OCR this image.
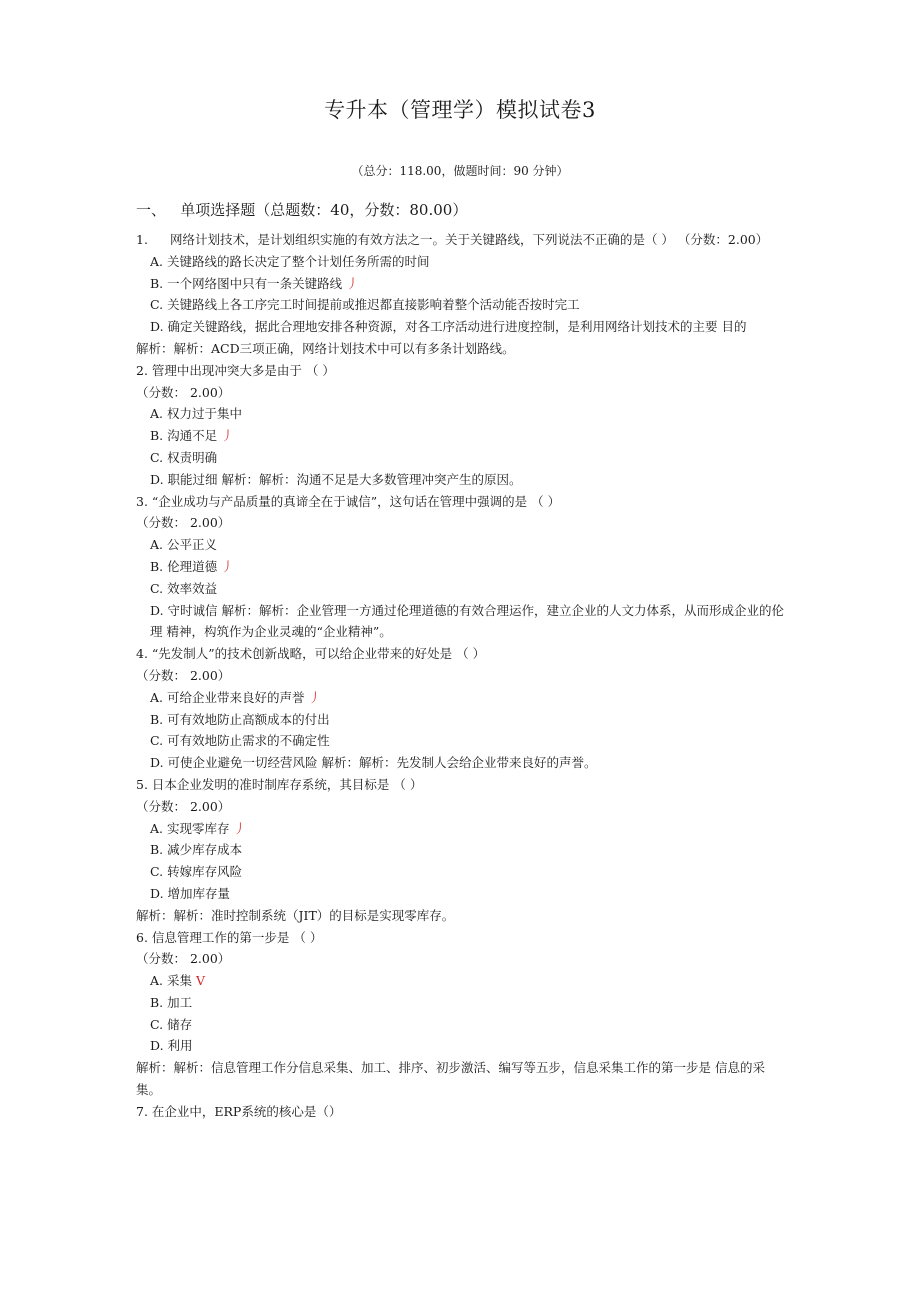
专升本（管理学）模拟试卷3
（总分：118.00，做题时间：90 分钟）
一、   单项选择题（总题数：40，分数：80.00）
1. 网络计划技术，是计划组织实施的有效方法之一。关于关键路线，下列说法不正确的是（ ） （分数：2.00）
A. 关键路线的路长决定了整个计划任务所需的时间
B. 一个网络图中只有一条关键路线 丿
C. 关键路线上各工序完工时间提前或推迟都直接影响着整个活动能否按时完工
D. 确定关键路线，据此合理地安排各种资源，对各工序活动进行进度控制，是利用网络计划技术的主要 目的
解析：解析：ACD三项正确，网络计划技术中可以有多条计划路线。
2. 管理中出现冲突大多是由于 （ ）
（分数： 2.00）
A. 权力过于集中
B. 沟通不足 丿
C. 权责明确
D. 职能过细 解析：解析：沟通不足是大多数管理冲突产生的原因。
3. “企业成功与产品质量的真谛全在于诚信”，这句话在管理中强调的是 （ ）
（分数： 2.00）
A. 公平正义
B. 伦理道德 丿
C. 效率效益
D. 守时诚信 解析：解析：企业管理一方通过伦理道德的有效合理运作，建立企业的人文力体系，从而形成企业的伦理 精神，构筑作为企业灵魂的“企业精神”。
4. “先发制人”的技术创新战略，可以给企业带来的好处是 （ ）
（分数： 2.00）
A. 可给企业带来良好的声誉 丿
B. 可有效地防止高额成本的付出
C. 可有效地防止需求的不确定性
D. 可使企业避免一切经营风险 解析：解析：先发制人会给企业带来良好的声誉。
5. 日本企业发明的准时制库存系统，其目标是 （ ）
（分数： 2.00）
A. 实现零库存 丿
B. 减少库存成本
C. 转嫁库存风险
D. 增加库存量
解析：解析：准时控制系统（JIT）的目标是实现零库存。
6. 信息管理工作的第一步是 （ ）
（分数： 2.00）
A. 采集 V
B. 加工
C. 储存
D. 利用
解析：解析：信息管理工作分信息采集、加工、排序、初步激活、编写等五步，信息采集工作的第一步是 信息的采集。
7. 在企业中，ERP系统的核心是（）
